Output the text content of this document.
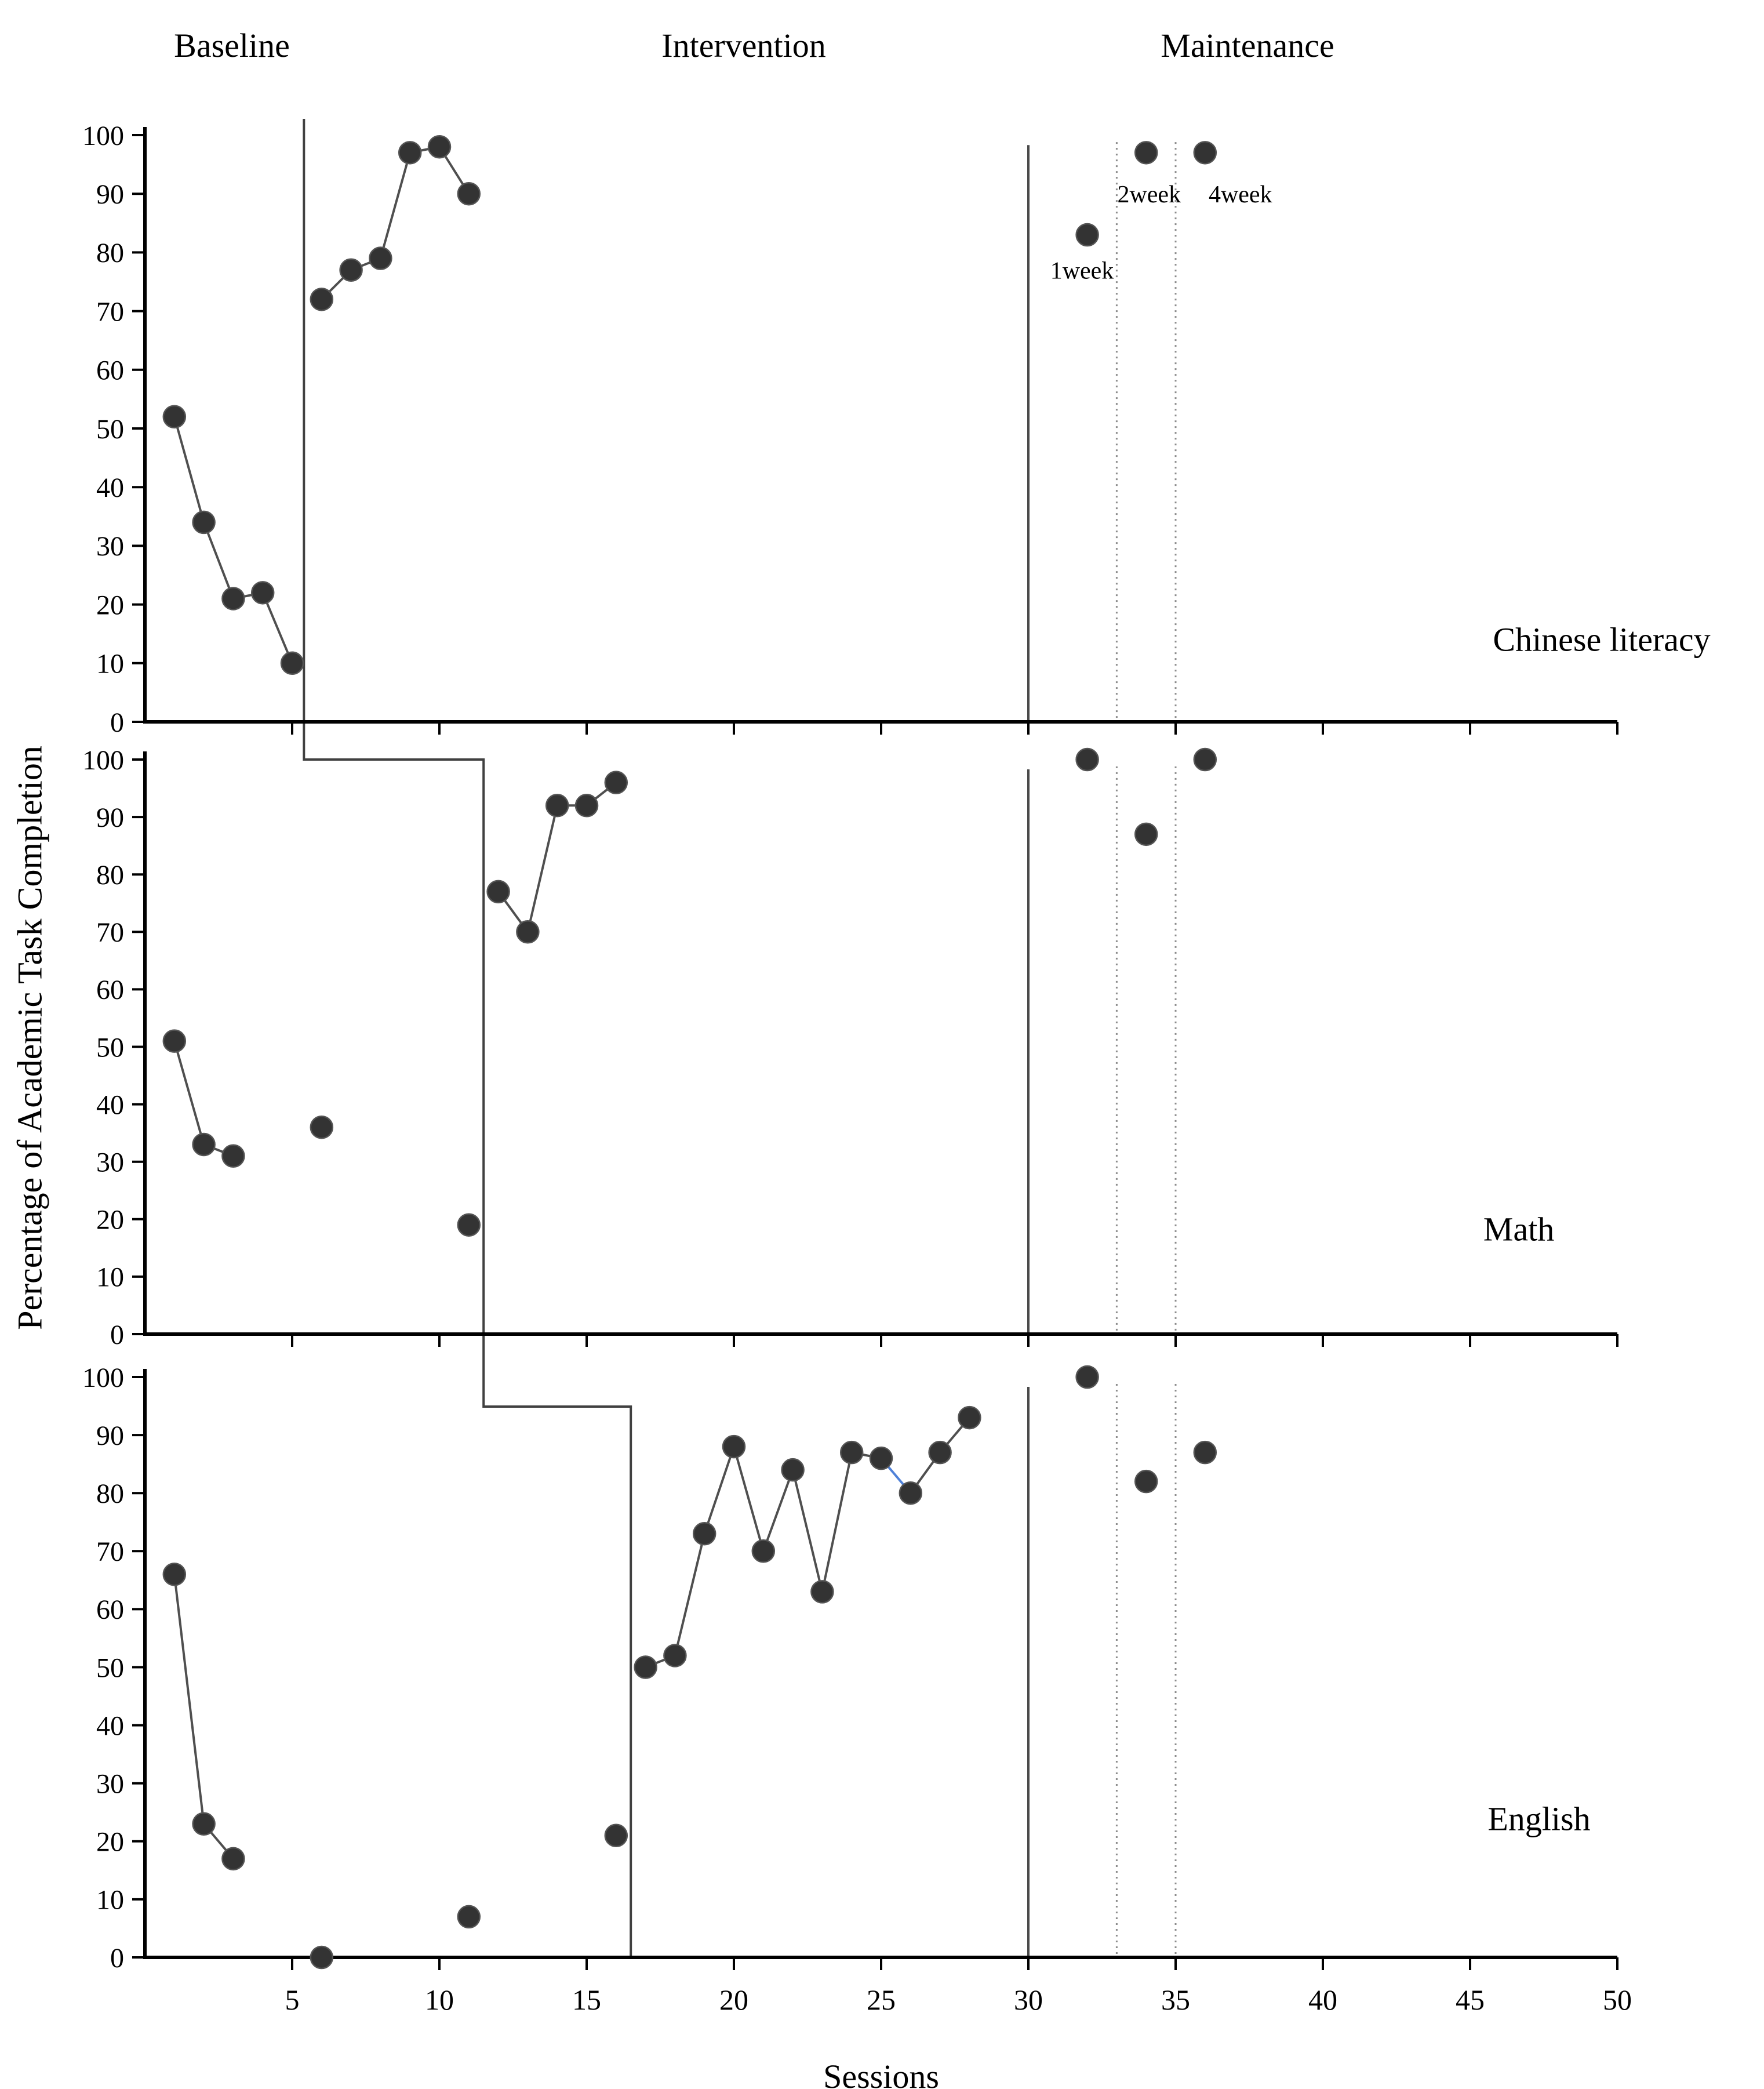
0
10
20
30
40
50
60
70
80
90
100
0
10
20
30
40
50
60
70
80
90
100
0
10
20
30
40
50
60
70
80
90
100
5	10	15	20	25	30	35	40	45	50
1week
2week 4week
Baseline	Intervention	Maintenance
Chinese literacy
Math
English
Percentage of Academic Task Completion
Sessions
